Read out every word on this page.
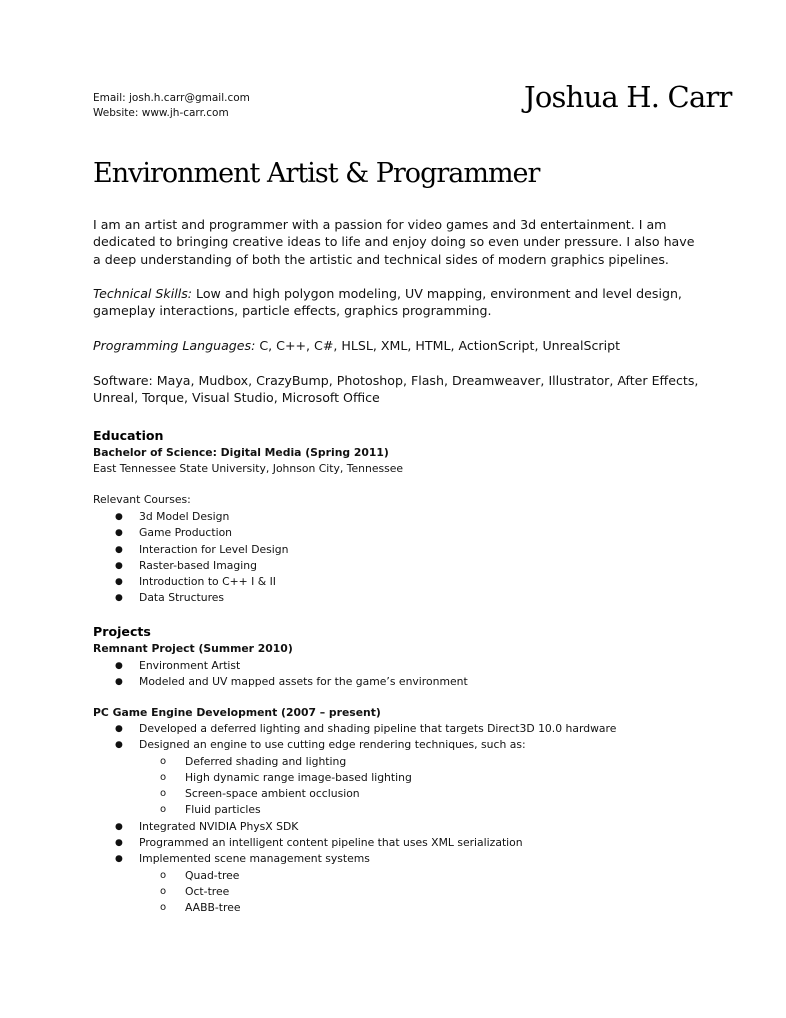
Email: josh.h.carr@gmail.com
Website: www.jh-carr.com	Joshua H. Carr
Environment Artist & Programmer
I am an artist and programmer with a passion for video games and 3d entertainment. I am dedicated to bringing creative ideas to life and enjoy doing so even under pressure. I also have a deep understanding of both the artistic and technical sides of modern graphics pipelines.
Technical Skills: Low and high polygon modeling, UV mapping, environment and level design, gameplay interactions, particle effects, graphics programming.
Programming Languages: C, C++, C#, HLSL, XML, HTML, ActionScript, UnrealScript
Software: Maya, Mudbox, CrazyBump, Photoshop, Flash, Dreamweaver, Illustrator, After Effects, Unreal, Torque, Visual Studio, Microsoft Office
Education
Bachelor of Science: Digital Media (Spring 2011)
East Tennessee State University, Johnson City, Tennessee
Relevant Courses:
● 3d Model Design
● Game Production
● Interaction for Level Design
● Raster-based Imaging
● Introduction to C++ I & II
● Data Structures
Projects
Remnant Project (Summer 2010)
● Environment Artist
● Modeled and UV mapped assets for the game’s environment
PC Game Engine Development (2007 – present)
● Developed a deferred lighting and shading pipeline that targets Direct3D 10.0 hardware
● Designed an engine to use cutting edge rendering techniques, such as:
o Deferred shading and lighting
o High dynamic range image-based lighting
o Screen-space ambient occlusion
o Fluid particles
● Integrated NVIDIA PhysX SDK
● Programmed an intelligent content pipeline that uses XML serialization
● Implemented scene management systems
o Quad-tree
o Oct-tree
o AABB-tree
